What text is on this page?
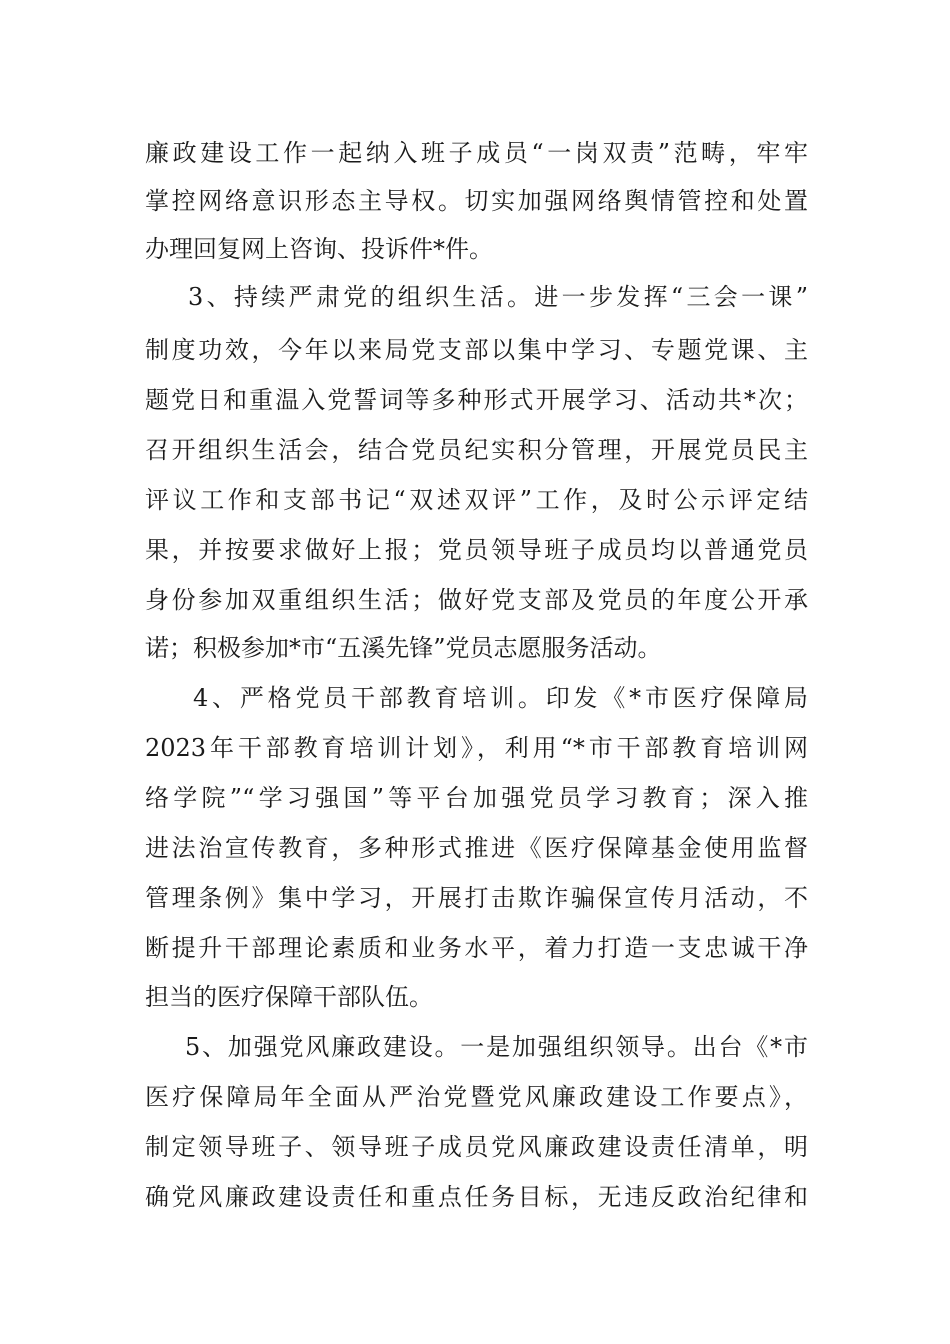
廉政建设工作一起纳入班子成员“一岗双责”范畴，牢牢
掌控网络意识形态主导权。切实加强网络舆情管控和处置
办理回复网上咨询、投诉件*件。
3、持续严肃党的组织生活。进一步发挥“三会一课”
制度功效，今年以来局党支部以集中学习、专题党课、主
题党日和重温入党誓词等多种形式开展学习、活动共*次；
召开组织生活会，结合党员纪实积分管理，开展党员民主
评议工作和支部书记“双述双评”工作，及时公示评定结
果，并按要求做好上报；党员领导班子成员均以普通党员
身份参加双重组织生活；做好党支部及党员的年度公开承
诺；积极参加*市“五溪先锋”党员志愿服务活动。
4、严格党员干部教育培训。印发《*市医疗保障局
2023年干部教育培训计划》，利用“*市干部教育培训网
络学院”“学习强国”等平台加强党员学习教育；深入推
进法治宣传教育，多种形式推进《医疗保障基金使用监督
管理条例》集中学习，开展打击欺诈骗保宣传月活动，不
断提升干部理论素质和业务水平，着力打造一支忠诚干净
担当的医疗保障干部队伍。
5、加强党风廉政建设。一是加强组织领导。出台《*市
医疗保障局年全面从严治党暨党风廉政建设工作要点》，
制定领导班子、领导班子成员党风廉政建设责任清单，明
确党风廉政建设责任和重点任务目标，无违反政治纪律和
